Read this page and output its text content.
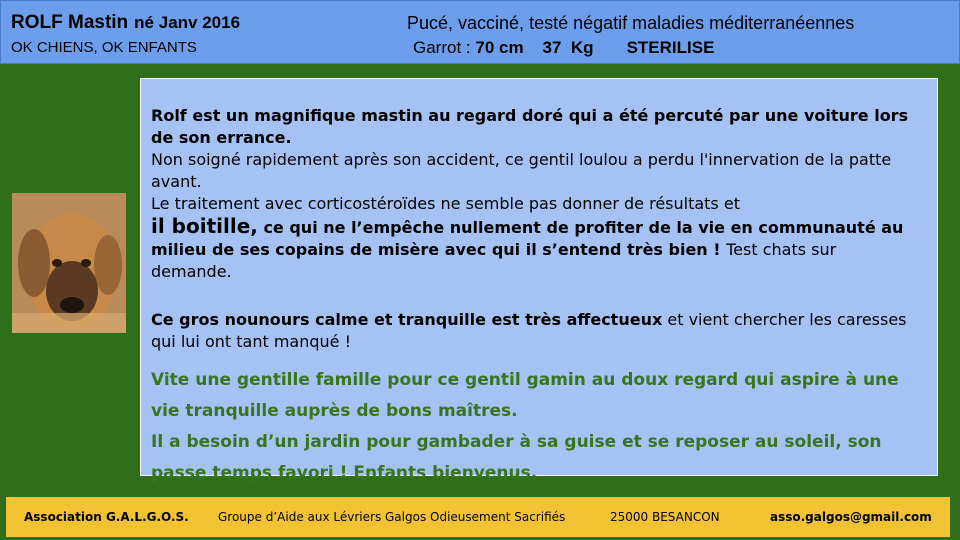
ROLF Mastin né Janv 2016
OK CHIENS, OK ENFANTS
Pucé, vacciné, testé négatif maladies méditerranéennes
Garrot : 70 cm 37  Kg STERILISE
Rolf est un magnifique mastin au regard doré qui a été percuté par une voiture lors de son errance.
Non soigné rapidement après son accident, ce gentil loulou a perdu l'innervation de la patte avant.
Le traitement avec corticostéroïdes ne semble pas donner de résultats et
il boitille, ce qui ne l’empêche nullement de profiter de la vie en communauté au milieu de ses copains de misère avec qui il s’entend très bien ! Test chats sur demande.
Ce gros nounours calme et tranquille est très affectueux et vient chercher les caresses qui lui ont tant manqué !
Vite une gentille famille pour ce gentil gamin au doux regard qui aspire à une vie tranquille auprès de bons maîtres.
Il a besoin d’un jardin pour gambader à sa guise et se reposer au soleil, son passe temps favori ! Enfants bienvenus.
Association G.A.L.G.O.S. Groupe d’Aide aux Lévriers Galgos Odieusement Sacrifiés	25000 BESANCON	asso.galgos@gmail.com
